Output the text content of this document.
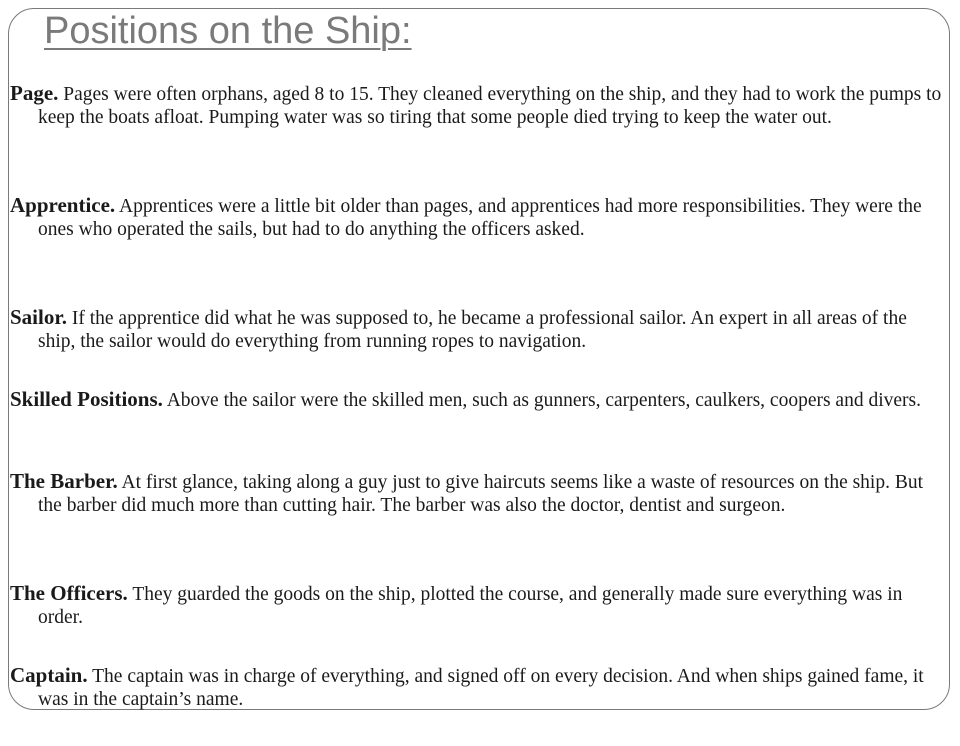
Positions on the Ship:

Page. Pages were often orphans, aged 8 to 15. They cleaned everything on the ship, and they had to work the pumps to keep the boats afloat. Pumping water was so tiring that some people died trying to keep the water out.

Apprentice. Apprentices were a little bit older than pages, and apprentices had more responsibilities. They were the ones who operated the sails, but had to do anything the officers asked.

Sailor. If the apprentice did what he was supposed to, he became a professional sailor. An expert in all areas of the ship, the sailor would do everything from running ropes to navigation.

Skilled Positions. Above the sailor were the skilled men, such as gunners, carpenters, caulkers, coopers and divers.

The Barber. At first glance, taking along a guy just to give haircuts seems like a waste of resources on the ship. But the barber did much more than cutting hair. The barber was also the doctor, dentist and surgeon.

The Officers. They guarded the goods on the ship, plotted the course, and generally made sure everything was in order.

Captain. The captain was in charge of everything, and signed off on every decision. And when ships gained fame, it was in the captain’s name.
